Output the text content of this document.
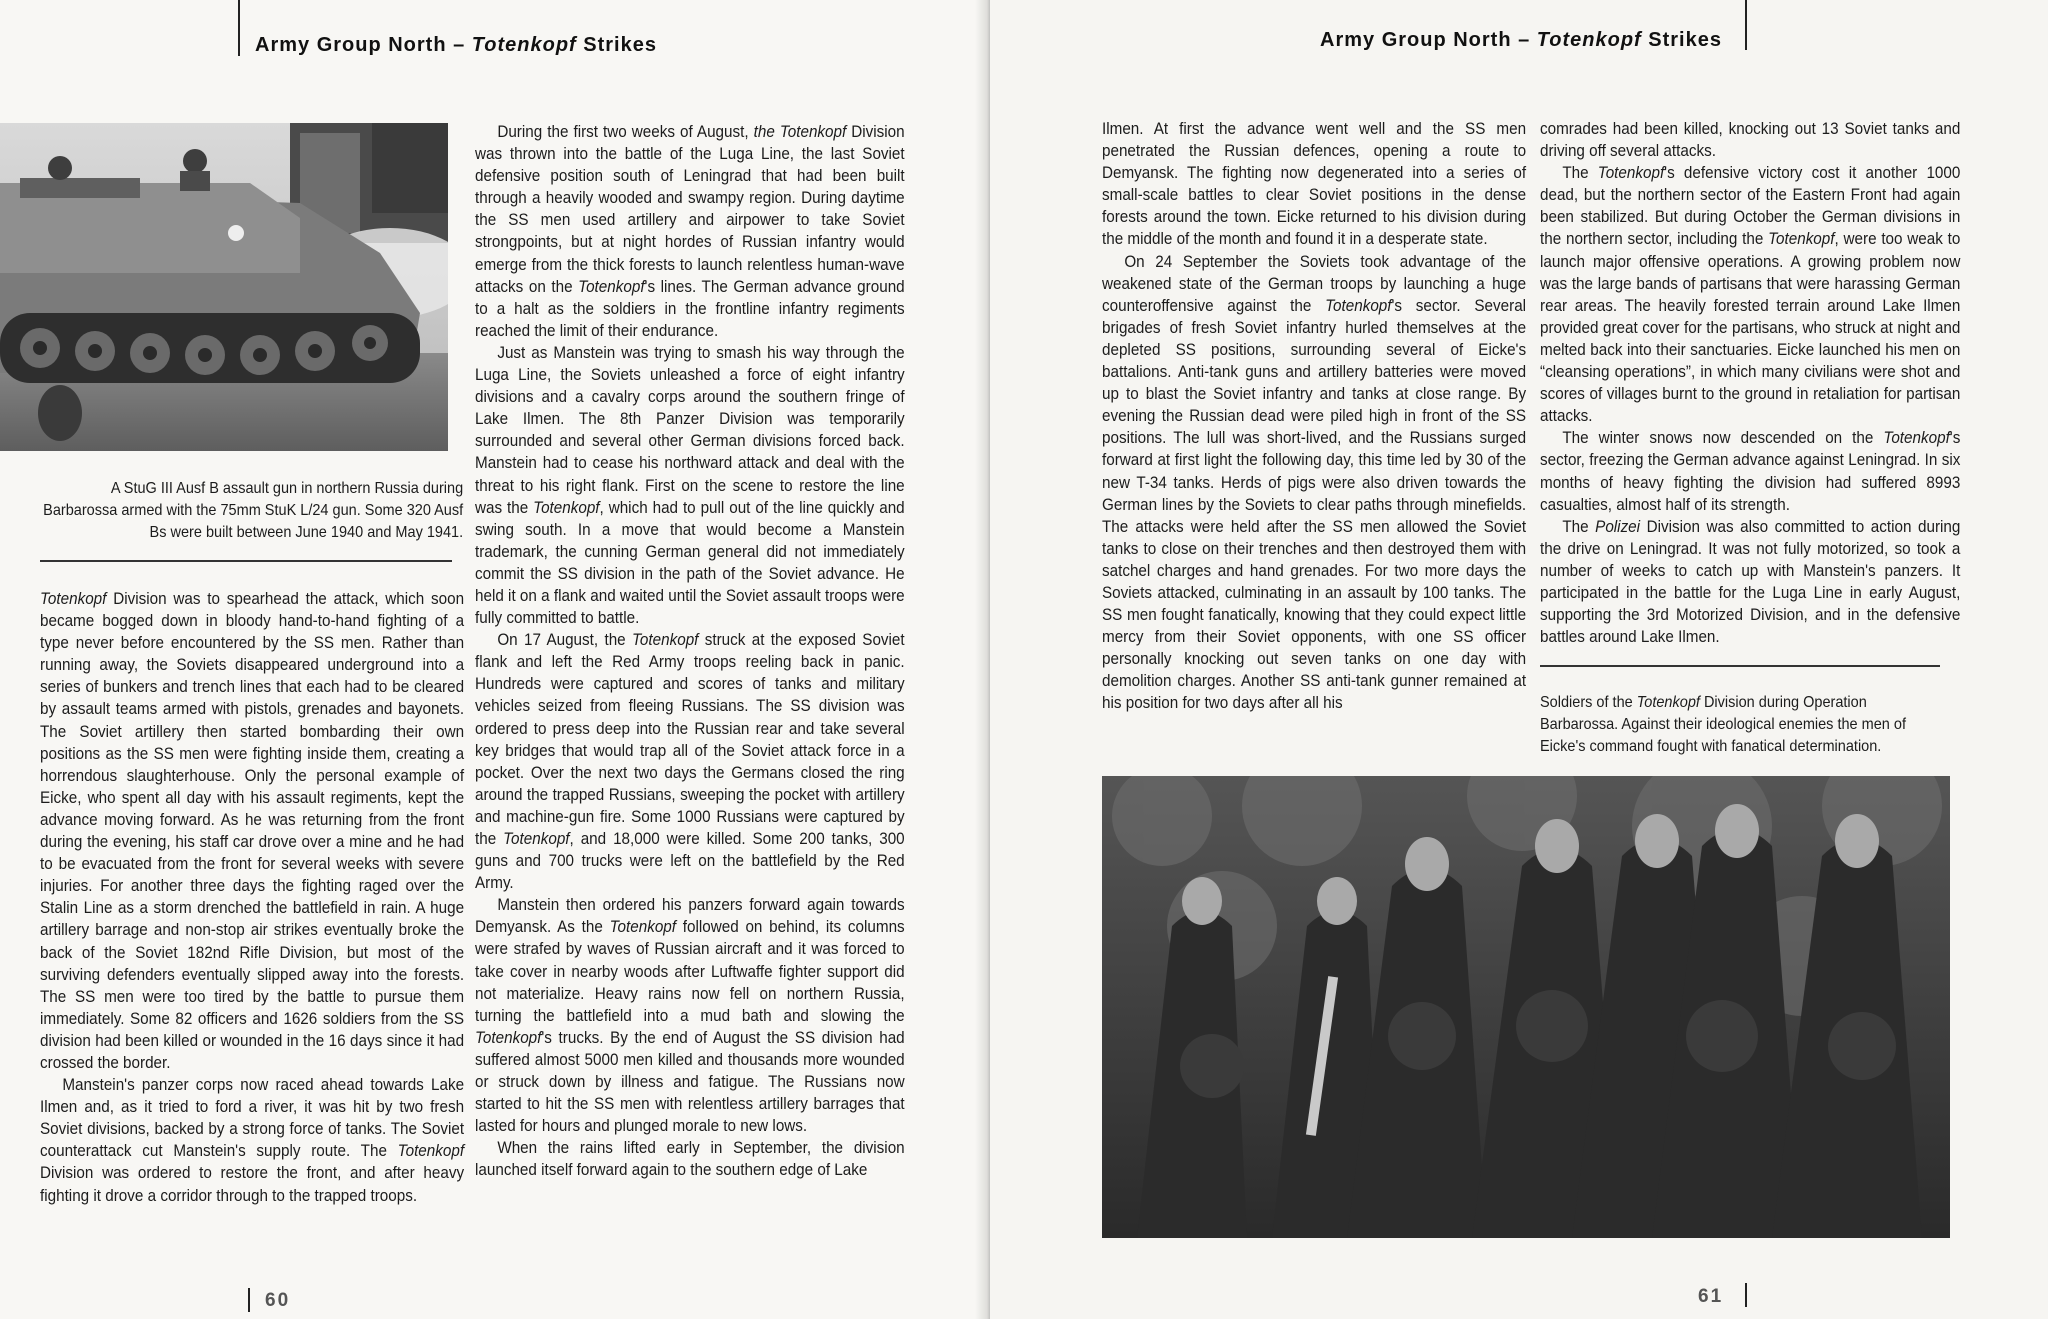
Army Group North – Totenkopf Strikes
A StuG III Ausf B assault gun in northern Russia during Barbarossa armed with the 75mm StuK L/24 gun. Some 320 Ausf Bs were built between June 1940 and May 1941.

Totenkopf Division was to spearhead the attack, which soon became bogged down in bloody hand-to-hand fighting of a type never before encountered by the SS men. Rather than running away, the Soviets disappeared underground into a series of bunkers and trench lines that each had to be cleared by assault teams armed with pistols, grenades and bayonets. The Soviet artillery then started bombarding their own positions as the SS men were fighting inside them, creating a horrendous slaughterhouse. Only the personal example of Eicke, who spent all day with his assault regiments, kept the advance moving forward. As he was returning from the front during the evening, his staff car drove over a mine and he had to be evacuated from the front for several weeks with severe injuries. For another three days the fighting raged over the Stalin Line as a storm drenched the battlefield in rain. A huge artillery barrage and non-stop air strikes eventually broke the back of the Soviet 182nd Rifle Division, but most of the surviving defenders eventually slipped away into the forests. The SS men were too tired by the battle to pursue them immediately. Some 82 officers and 1626 soldiers from the SS division had been killed or wounded in the 16 days since it had crossed the border.

Manstein's panzer corps now raced ahead towards Lake Ilmen and, as it tried to ford a river, it was hit by two fresh Soviet divisions, backed by a strong force of tanks. The Soviet counterattack cut Manstein's supply route. The Totenkopf Division was ordered to restore the front, and after heavy fighting it drove a corridor through to the trapped troops.

During the first two weeks of August, the Totenkopf Division was thrown into the battle of the Luga Line, the last Soviet defensive position south of Leningrad that had been built through a heavily wooded and swampy region. During daytime the SS men used artillery and airpower to take Soviet strongpoints, but at night hordes of Russian infantry would emerge from the thick forests to launch relentless human-wave attacks on the Totenkopf's lines. The German advance ground to a halt as the soldiers in the frontline infantry regiments reached the limit of their endurance.

Just as Manstein was trying to smash his way through the Luga Line, the Soviets unleashed a force of eight infantry divisions and a cavalry corps around the southern fringe of Lake Ilmen. The 8th Panzer Division was temporarily surrounded and several other German divisions forced back. Manstein had to cease his northward attack and deal with the threat to his right flank. First on the scene to restore the line was the Totenkopf, which had to pull out of the line quickly and swing south. In a move that would become a Manstein trademark, the cunning German general did not immediately commit the SS division in the path of the Soviet advance. He held it on a flank and waited until the Soviet assault troops were fully committed to battle.

On 17 August, the Totenkopf struck at the exposed Soviet flank and left the Red Army troops reeling back in panic. Hundreds were captured and scores of tanks and military vehicles seized from fleeing Russians. The SS division was ordered to press deep into the Russian rear and take several key bridges that would trap all of the Soviet attack force in a pocket. Over the next two days the Germans closed the ring around the trapped Russians, sweeping the pocket with artillery and machine-gun fire. Some 1000 Russians were captured by the Totenkopf, and 18,000 were killed. Some 200 tanks, 300 guns and 700 trucks were left on the battlefield by the Red Army.

Manstein then ordered his panzers forward again towards Demyansk. As the Totenkopf followed on behind, its columns were strafed by waves of Russian aircraft and it was forced to take cover in nearby woods after Luftwaffe fighter support did not materialize. Heavy rains now fell on northern Russia, turning the battlefield into a mud bath and slowing the Totenkopf's trucks. By the end of August the SS division had suffered almost 5000 men killed and thousands more wounded or struck down by illness and fatigue. The Russians now started to hit the SS men with relentless artillery barrages that lasted for hours and plunged morale to new lows.

When the rains lifted early in September, the division launched itself forward again to the southern edge of Lake

60
Army Group North – Totenkopf Strikes

Ilmen. At first the advance went well and the SS men penetrated the Russian defences, opening a route to Demyansk. The fighting now degenerated into a series of small-scale battles to clear Soviet positions in the dense forests around the town. Eicke returned to his division during the middle of the month and found it in a desperate state.

On 24 September the Soviets took advantage of the weakened state of the German troops by launching a huge counteroffensive against the Totenkopf's sector. Several brigades of fresh Soviet infantry hurled themselves at the depleted SS positions, surrounding several of Eicke's battalions. Anti-tank guns and artillery batteries were moved up to blast the Soviet infantry and tanks at close range. By evening the Russian dead were piled high in front of the SS positions. The lull was short-lived, and the Russians surged forward at first light the following day, this time led by 30 of the new T-34 tanks. Herds of pigs were also driven towards the German lines by the Soviets to clear paths through minefields. The attacks were held after the SS men allowed the Soviet tanks to close on their trenches and then destroyed them with satchel charges and hand grenades. For two more days the Soviets attacked, culminating in an assault by 100 tanks. The SS men fought fanatically, knowing that they could expect little mercy from their Soviet opponents, with one SS officer personally knocking out seven tanks on one day with demolition charges. Another SS anti-tank gunner remained at his position for two days after all his

comrades had been killed, knocking out 13 Soviet tanks and driving off several attacks.

The Totenkopf's defensive victory cost it another 1000 dead, but the northern sector of the Eastern Front had again been stabilized. But during October the German divisions in the northern sector, including the Totenkopf, were too weak to launch major offensive operations. A growing problem now was the large bands of partisans that were harassing German rear areas. The heavily forested terrain around Lake Ilmen provided great cover for the partisans, who struck at night and melted back into their sanctuaries. Eicke launched his men on “cleansing operations”, in which many civilians were shot and scores of villages burnt to the ground in retaliation for partisan attacks.

The winter snows now descended on the Totenkopf's sector, freezing the German advance against Leningrad. In six months of heavy fighting the division had suffered 8993 casualties, almost half of its strength.

The Polizei Division was also committed to action during the drive on Leningrad. It was not fully motorized, so took a number of weeks to catch up with Manstein's panzers. It participated in the battle for the Luga Line in early August, supporting the 3rd Motorized Division, and in the defensive battles around Lake Ilmen.

Soldiers of the Totenkopf Division during Operation Barbarossa. Against their ideological enemies the men of Eicke's command fought with fanatical determination.
61
